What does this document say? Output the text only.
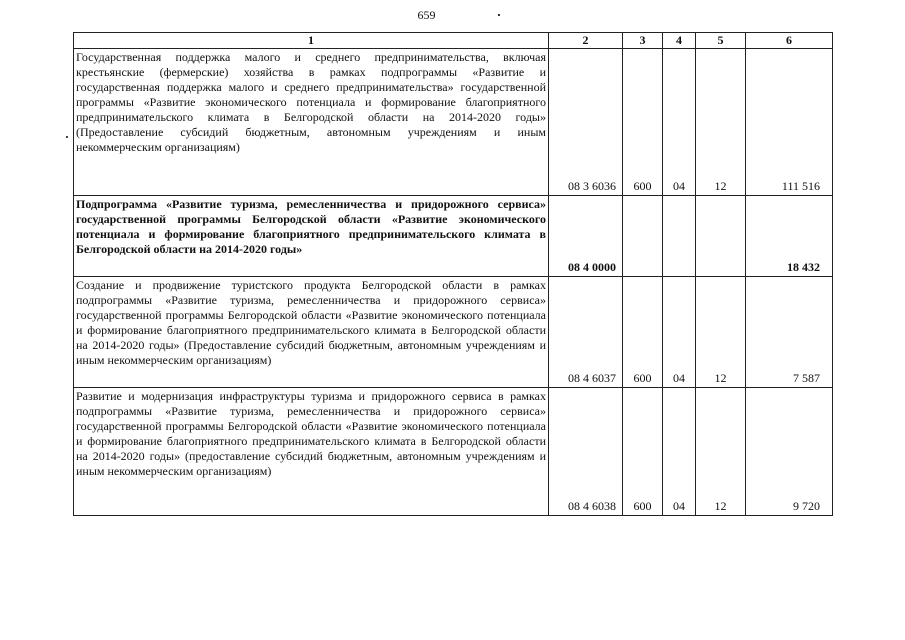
659
1	2	3	4	5	6
Государственная поддержка малого и среднего предпринимательства, включая крестьянские (фермерские) хозяйства в рамках подпрограммы «Развитие и государственная поддержка малого и среднего предпринимательства» государственной программы «Развитие экономического потенциала и формирование благоприятного предпринимательского климата в Белгородской области на 2014-2020 годы» (Предоставление субсидий бюджетным, автономным учреждениям и иным некоммерческим организациям)	08 3 6036	600	04	12	111 516
Подпрограмма «Развитие туризма, ремесленничества и придорожного сервиса» государственной программы Белгородской области «Развитие экономического потенциала и формирование благоприятного предпринимательского климата в Белгородской области на 2014-2020 годы»	08 4 0000				18 432
Создание и продвижение туристского продукта Белгородской области в рамках подпрограммы «Развитие туризма, ремесленничества и придорожного сервиса» государственной программы Белгородской области «Развитие экономического потенциала и формирование благоприятного предпринимательского климата в Белгородской области на 2014-2020 годы» (Предоставление субсидий бюджетным, автономным учреждениям и иным некоммерческим организациям)	08 4 6037	600	04	12	7 587
Развитие и модернизация инфраструктуры туризма и придорожного сервиса в рамках подпрограммы «Развитие туризма, ремесленничества и придорожного сервиса» государственной программы Белгородской области «Развитие экономического потенциала и формирование благоприятного предпринимательского климата в Белгородской области на 2014-2020 годы» (предоставление субсидий бюджетным, автономным учреждениям и иным некоммерческим организациям)	08 4 6038	600	04	12	9 720
